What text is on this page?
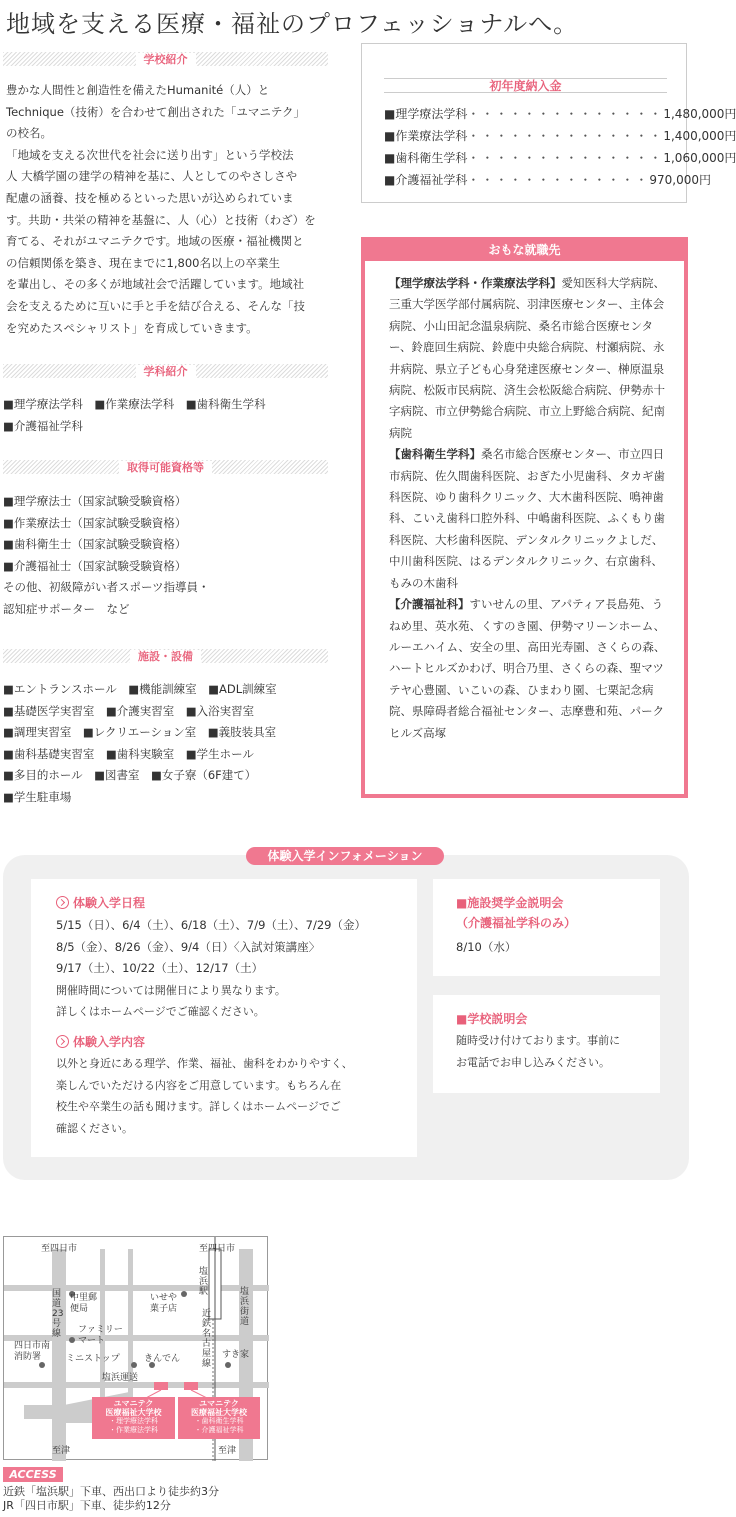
地域を支える医療・福祉のプロフェッショナルへ。
学校紹介
豊かな人間性と創造性を備えたHumanité（人）と
Technique（技術）を合わせて創出された「ユマニテク」
の校名。
「地域を支える次世代を社会に送り出す」という学校法
人 大橋学園の建学の精神を基に、人としてのやさしさや
配慮の涵養、技を極めるといった思いが込められていま
す。共助・共栄の精神を基盤に、人（心）と技術（わざ）を
育てる、それがユマニテクです。地域の医療・福祉機関と
の信頼関係を築き、現在までに1,800名以上の卒業生
を輩出し、その多くが地域社会で活躍しています。地域社
会を支えるために互いに手と手を結び合える、そんな「技
を究めたスペシャリスト」を育成していきます。
学科紹介
■理学療法学科　■作業療法学科　■歯科衛生学科
■介護福祉学科
取得可能資格等
■理学療法士（国家試験受験資格）
■作業療法士（国家試験受験資格）
■歯科衛生士（国家試験受験資格）
■介護福祉士（国家試験受験資格）
その他、初級障がい者スポーツ指導員・
認知症サポーター　など
施設・設備
■エントランスホール　■機能訓練室　■ADL訓練室
■基礎医学実習室　■介護実習室　■入浴実習室
■調理実習室　■レクリエーション室　■義肢装具室
■歯科基礎実習室　■歯科実験室　■学生ホール
■多目的ホール　■図書室　■女子寮（6F建て）
■学生駐車場
初年度納入金
■理学療法学科 ・・・・・・・・・・・・・・ 1,480,000円
■作業療法学科 ・・・・・・・・・・・・・・ 1,400,000円
■歯科衛生学科 ・・・・・・・・・・・・・・ 1,060,000円
■介護福祉学科 ・・・・・・・・・・・・・ 970,000円
おもな就職先
【理学療法学科・作業療法学科】愛知医科大学病院、三重大学医学部付属病院、羽津医療センター、主体会病院、小山田記念温泉病院、桑名市総合医療センター、鈴鹿回生病院、鈴鹿中央総合病院、村瀬病院、永井病院、県立子ども心身発達医療センター、榊原温泉病院、松阪市民病院、済生会松阪総合病院、伊勢赤十字病院、市立伊勢総合病院、市立上野総合病院、紀南病院
【歯科衛生学科】桑名市総合医療センター、市立四日市病院、佐久間歯科医院、おぎた小児歯科、タカギ歯科医院、ゆり歯科クリニック、大木歯科医院、鳴神歯科、こいえ歯科口腔外科、中嶋歯科医院、ふくもり歯科医院、大杉歯科医院、デンタルクリニックよしだ、中川歯科医院、はるデンタルクリニック、右京歯科、もみの木歯科
【介護福祉科】すいせんの里、アパティア長島苑、うねめ里、英水苑、くすのき園、伊勢マリーンホーム、ルーエハイム、安全の里、高田光寿園、さくらの森、ハートヒルズかわげ、明合乃里、さくらの森、聖マツテヤ心豊園、いこいの森、ひまわり園、七栗記念病院、県障碍者総合福祉センター、志摩豊和苑、パークヒルズ高塚
体験入学インフォメーション
体験入学日程
5/15（日）、6/4（土）、6/18（土）、7/9（土）、7/29（金）
8/5（金）、8/26（金）、9/4（日）〈入試対策講座〉
9/17（土）、10/22（土）、12/17（土）
開催時間については開催日により異なります。
詳しくはホームページでご確認ください。
体験入学内容
以外と身近にある理学、作業、福祉、歯科をわかりやすく、
楽しんでいただける内容をご用意しています。もちろん在
校生や卒業生の話も聞けます。詳しくはホームページでご
確認ください。
■施設奨学金説明会
（介護福祉学科のみ）
8/10（水）
■学校説明会
随時受け付けております。事前に
お電話でお申し込みください。
至四日市	至四日市
国道23号線
中里郵便局
いせや菓子店
塩浜駅
近鉄名古屋線
塩浜街道
ファミリーマート
四日市南消防署	ミニストップ	きんでん	すき家
塩浜運送
至津	至津
ユマニテク
医療福祉大学校
・理学療法学科
・作業療法学科
ユマニテク
医療福祉大学校
・歯科衛生学科
・介護福祉学科
ACCESS
近鉄「塩浜駅」下車、西出口より徒歩約3分
JR「四日市駅」下車、徒歩約12分
